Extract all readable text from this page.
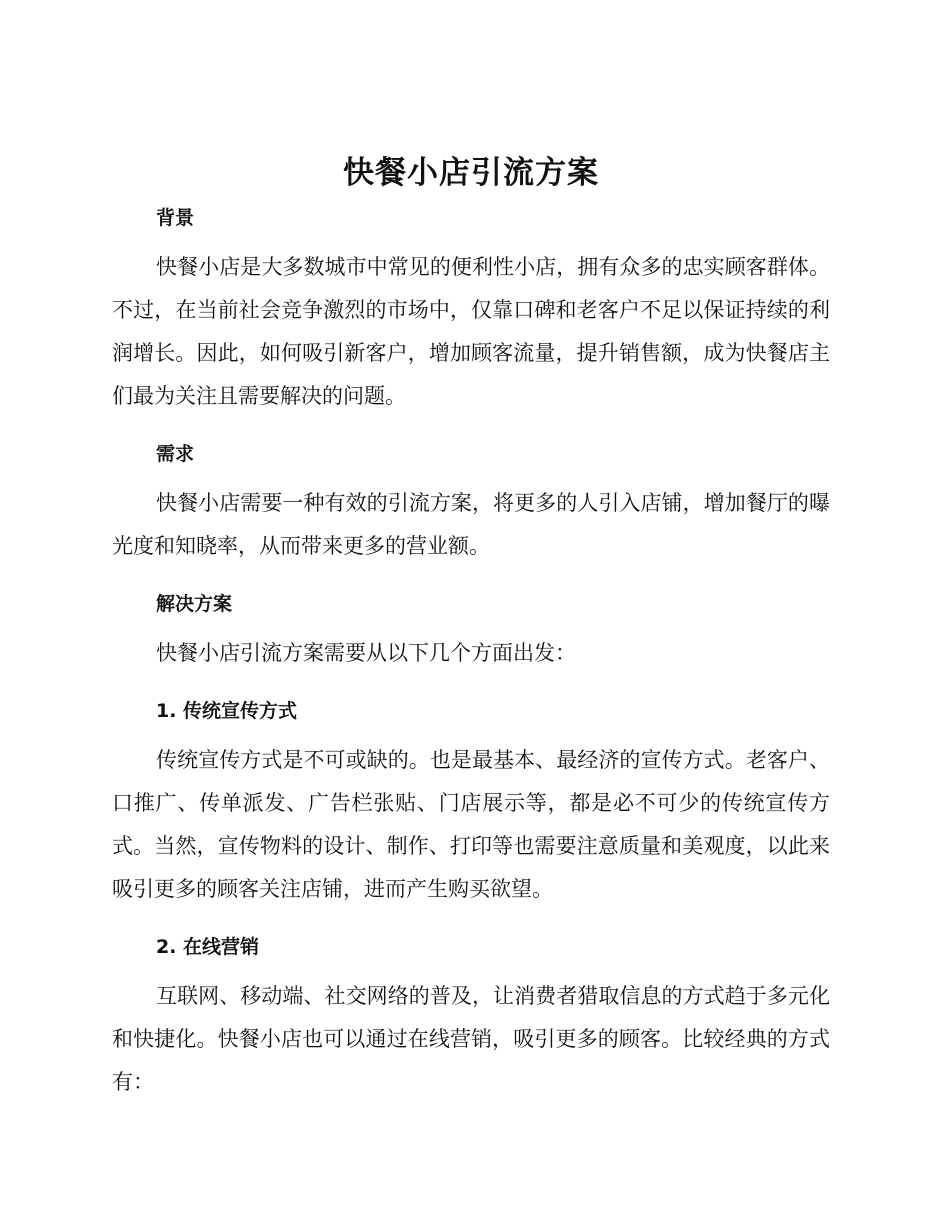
快餐小店引流方案
背景

快餐小店是大多数城市中常见的便利性小店，拥有众多的忠实顾客群体。不过，在当前社会竞争激烈的市场中，仅靠口碑和老客户不足以保证持续的利润增长。因此，如何吸引新客户，增加顾客流量，提升销售额，成为快餐店主们最为关注且需要解决的问题。

需求

快餐小店需要一种有效的引流方案，将更多的人引入店铺，增加餐厅的曝光度和知晓率，从而带来更多的营业额。

解决方案

快餐小店引流方案需要从以下几个方面出发：

1. 传统宣传方式

传统宣传方式是不可或缺的。也是最基本、最经济的宣传方式。老客户、口推广、传单派发、广告栏张贴、门店展示等，都是必不可少的传统宣传方式。当然，宣传物料的设计、制作、打印等也需要注意质量和美观度，以此来吸引更多的顾客关注店铺，进而产生购买欲望。

2. 在线营销

互联网、移动端、社交网络的普及，让消费者猎取信息的方式趋于多元化和快捷化。快餐小店也可以通过在线营销，吸引更多的顾客。比较经典的方式有：
